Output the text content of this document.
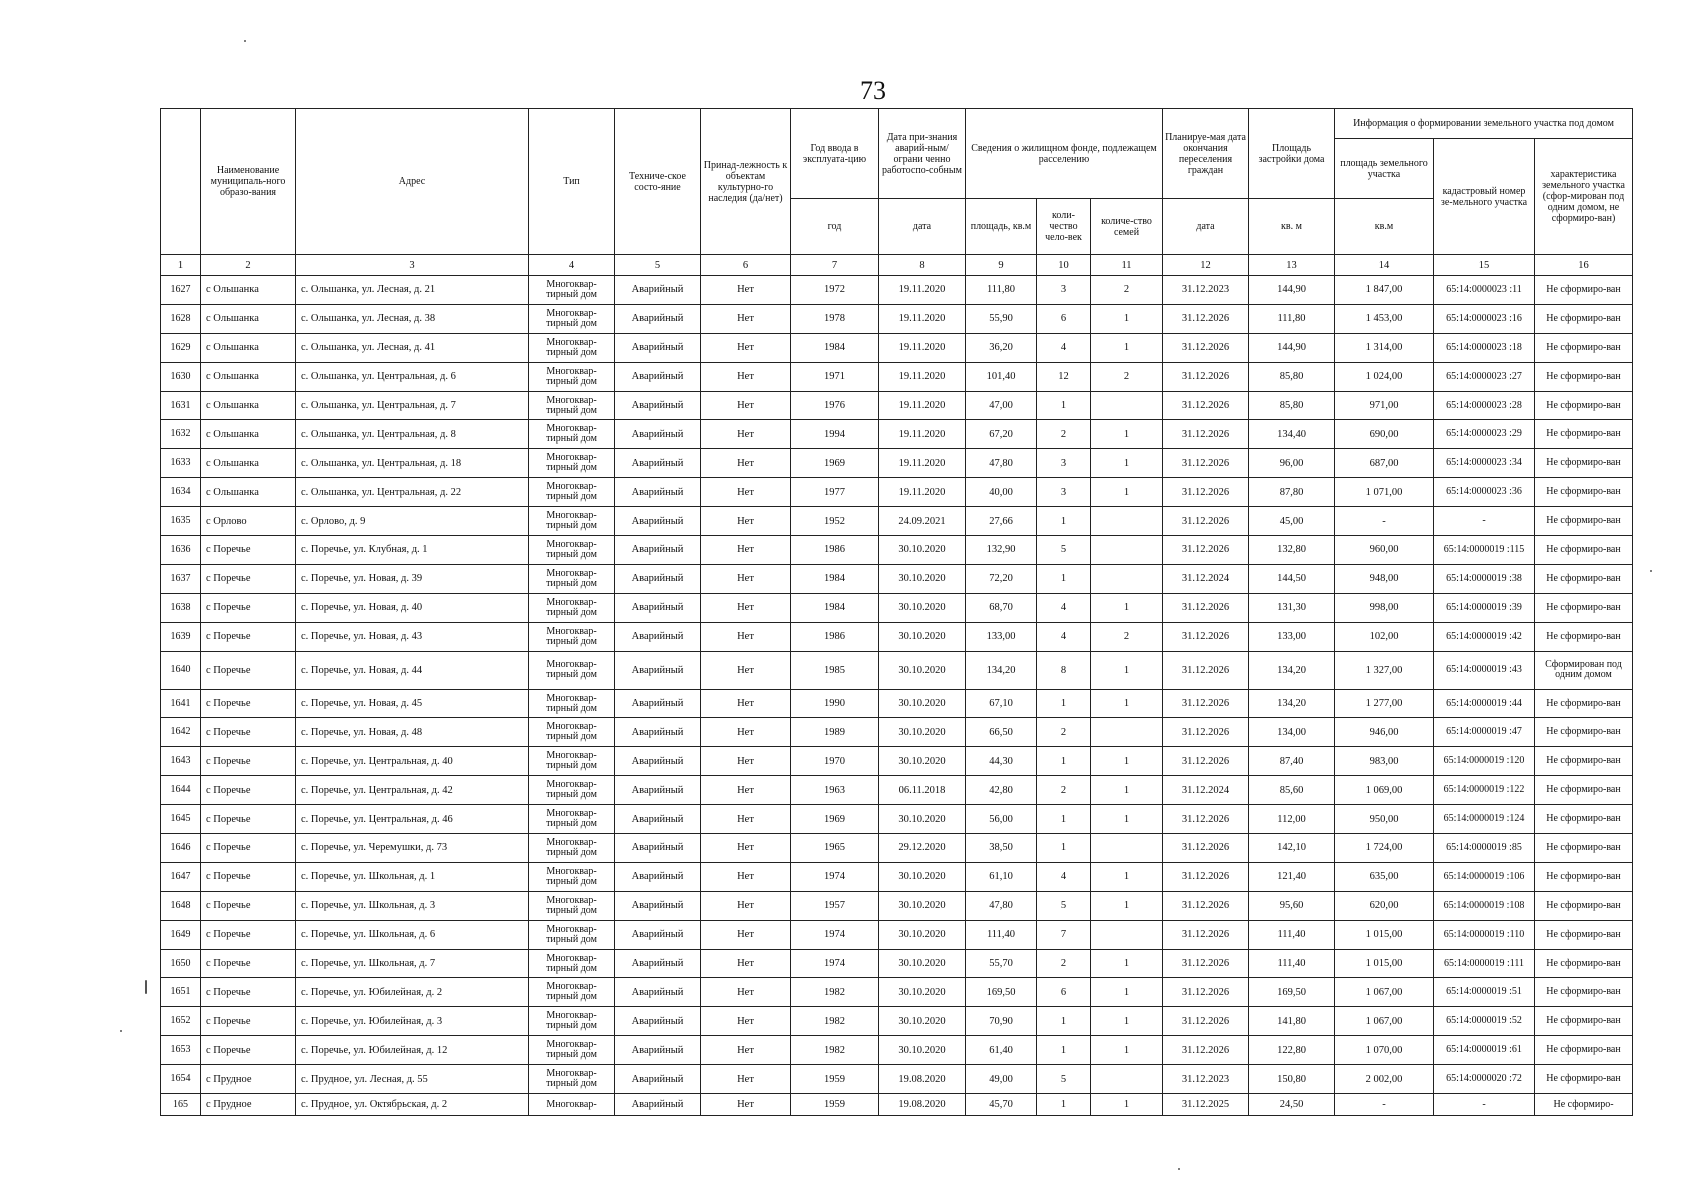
73
	Наименование муниципаль-ного образо-вания	Адрес	Тип	Техниче-ское состо-яние	Принад-лежность к объектам культурно-го наследия (да/нет)	Год ввода в эксплуата-цию	Дата при-знания аварий-ным/ограни ченно работоспо-собным	Сведения о жилищном фонде, подлежащем расселению			Планируе-мая дата окончания переселения граждан	Площадь застройки дома	Информация о формировании земельного участка под домом		
													площадь земельного участка	кадастровый номер зе-мельного участка	характеристика земельного участка (сфор-мирован под одним домом, не сформиро-ван)
						год	дата	площадь, кв.м	коли-чество чело-век	количе-ство семей	дата	кв. м	кв.м		
1	2	3	4	5	6	7	8	9	10	11	12	13	14	15	16
1627	с Ольшанка	с. Ольшанка, ул. Лесная, д. 21	Многоквар-тирный дом	Аварийный	Нет	1972	19.11.2020	111,80	3	2	31.12.2023	144,90	1 847,00	65:14:0000023 :11	Не сформиро-ван
1628	с Ольшанка	с. Ольшанка, ул. Лесная, д. 38	Многоквар-тирный дом	Аварийный	Нет	1978	19.11.2020	55,90	6	1	31.12.2026	111,80	1 453,00	65:14:0000023 :16	Не сформиро-ван
1629	с Ольшанка	с. Ольшанка, ул. Лесная, д. 41	Многоквар-тирный дом	Аварийный	Нет	1984	19.11.2020	36,20	4	1	31.12.2026	144,90	1 314,00	65:14:0000023 :18	Не сформиро-ван
1630	с Ольшанка	с. Ольшанка, ул. Центральная, д. 6	Многоквар-тирный дом	Аварийный	Нет	1971	19.11.2020	101,40	12	2	31.12.2026	85,80	1 024,00	65:14:0000023 :27	Не сформиро-ван
1631	с Ольшанка	с. Ольшанка, ул. Центральная, д. 7	Многоквар-тирный дом	Аварийный	Нет	1976	19.11.2020	47,00	1		31.12.2026	85,80	971,00	65:14:0000023 :28	Не сформиро-ван
1632	с Ольшанка	с. Ольшанка, ул. Центральная, д. 8	Многоквар-тирный дом	Аварийный	Нет	1994	19.11.2020	67,20	2	1	31.12.2026	134,40	690,00	65:14:0000023 :29	Не сформиро-ван
1633	с Ольшанка	с. Ольшанка, ул. Центральная, д. 18	Многоквар-тирный дом	Аварийный	Нет	1969	19.11.2020	47,80	3	1	31.12.2026	96,00	687,00	65:14:0000023 :34	Не сформиро-ван
1634	с Ольшанка	с. Ольшанка, ул. Центральная, д. 22	Многоквар-тирный дом	Аварийный	Нет	1977	19.11.2020	40,00	3	1	31.12.2026	87,80	1 071,00	65:14:0000023 :36	Не сформиро-ван
1635	с Орлово	с. Орлово, д. 9	Многоквар-тирный дом	Аварийный	Нет	1952	24.09.2021	27,66	1		31.12.2026	45,00	-	-	Не сформиро-ван
1636	с Поречье	с. Поречье, ул. Клубная, д. 1	Многоквар-тирный дом	Аварийный	Нет	1986	30.10.2020	132,90	5		31.12.2026	132,80	960,00	65:14:0000019 :115	Не сформиро-ван
1637	с Поречье	с. Поречье, ул. Новая, д. 39	Многоквар-тирный дом	Аварийный	Нет	1984	30.10.2020	72,20	1		31.12.2024	144,50	948,00	65:14:0000019 :38	Не сформиро-ван
1638	с Поречье	с. Поречье, ул. Новая, д. 40	Многоквар-тирный дом	Аварийный	Нет	1984	30.10.2020	68,70	4	1	31.12.2026	131,30	998,00	65:14:0000019 :39	Не сформиро-ван
1639	с Поречье	с. Поречье, ул. Новая, д. 43	Многоквар-тирный дом	Аварийный	Нет	1986	30.10.2020	133,00	4	2	31.12.2026	133,00	102,00	65:14:0000019 :42	Не сформиро-ван
1640	с Поречье	с. Поречье, ул. Новая, д. 44	Многоквар-тирный дом	Аварийный	Нет	1985	30.10.2020	134,20	8	1	31.12.2026	134,20	1 327,00	65:14:0000019 :43	Сформирован под одним домом
1641	с Поречье	с. Поречье, ул. Новая, д. 45	Многоквар-тирный дом	Аварийный	Нет	1990	30.10.2020	67,10	1	1	31.12.2026	134,20	1 277,00	65:14:0000019 :44	Не сформиро-ван
1642	с Поречье	с. Поречье, ул. Новая, д. 48	Многоквар-тирный дом	Аварийный	Нет	1989	30.10.2020	66,50	2		31.12.2026	134,00	946,00	65:14:0000019 :47	Не сформиро-ван
1643	с Поречье	с. Поречье, ул. Центральная, д. 40	Многоквар-тирный дом	Аварийный	Нет	1970	30.10.2020	44,30	1	1	31.12.2026	87,40	983,00	65:14:0000019 :120	Не сформиро-ван
1644	с Поречье	с. Поречье, ул. Центральная, д. 42	Многоквар-тирный дом	Аварийный	Нет	1963	06.11.2018	42,80	2	1	31.12.2024	85,60	1 069,00	65:14:0000019 :122	Не сформиро-ван
1645	с Поречье	с. Поречье, ул. Центральная, д. 46	Многоквар-тирный дом	Аварийный	Нет	1969	30.10.2020	56,00	1	1	31.12.2026	112,00	950,00	65:14:0000019 :124	Не сформиро-ван
1646	с Поречье	с. Поречье, ул. Черемушки, д. 73	Многоквар-тирный дом	Аварийный	Нет	1965	29.12.2020	38,50	1		31.12.2026	142,10	1 724,00	65:14:0000019 :85	Не сформиро-ван
1647	с Поречье	с. Поречье, ул. Школьная, д. 1	Многоквар-тирный дом	Аварийный	Нет	1974	30.10.2020	61,10	4	1	31.12.2026	121,40	635,00	65:14:0000019 :106	Не сформиро-ван
1648	с Поречье	с. Поречье, ул. Школьная, д. 3	Многоквар-тирный дом	Аварийный	Нет	1957	30.10.2020	47,80	5	1	31.12.2026	95,60	620,00	65:14:0000019 :108	Не сформиро-ван
1649	с Поречье	с. Поречье, ул. Школьная, д. 6	Многоквар-тирный дом	Аварийный	Нет	1974	30.10.2020	111,40	7		31.12.2026	111,40	1 015,00	65:14:0000019 :110	Не сформиро-ван
1650	с Поречье	с. Поречье, ул. Школьная, д. 7	Многоквар-тирный дом	Аварийный	Нет	1974	30.10.2020	55,70	2	1	31.12.2026	111,40	1 015,00	65:14:0000019 :111	Не сформиро-ван
1651	с Поречье	с. Поречье, ул. Юбилейная, д. 2	Многоквар-тирный дом	Аварийный	Нет	1982	30.10.2020	169,50	6	1	31.12.2026	169,50	1 067,00	65:14:0000019 :51	Не сформиро-ван
1652	с Поречье	с. Поречье, ул. Юбилейная, д. 3	Многоквар-тирный дом	Аварийный	Нет	1982	30.10.2020	70,90	1	1	31.12.2026	141,80	1 067,00	65:14:0000019 :52	Не сформиро-ван
1653	с Поречье	с. Поречье, ул. Юбилейная, д. 12	Многоквар-тирный дом	Аварийный	Нет	1982	30.10.2020	61,40	1	1	31.12.2026	122,80	1 070,00	65:14:0000019 :61	Не сформиро-ван
1654	с Прудное	с. Прудное, ул. Лесная, д. 55	Многоквар-тирный дом	Аварийный	Нет	1959	19.08.2020	49,00	5		31.12.2023	150,80	2 002,00	65:14:0000020 :72	Не сформиро-ван
165	с Прудное	с. Прудное, ул. Октябрьская, д. 2	Многоквар-	Аварийный	Нет	1959	19.08.2020	45,70	1	1	31.12.2025	24,50	-	-	Не сформиро-
